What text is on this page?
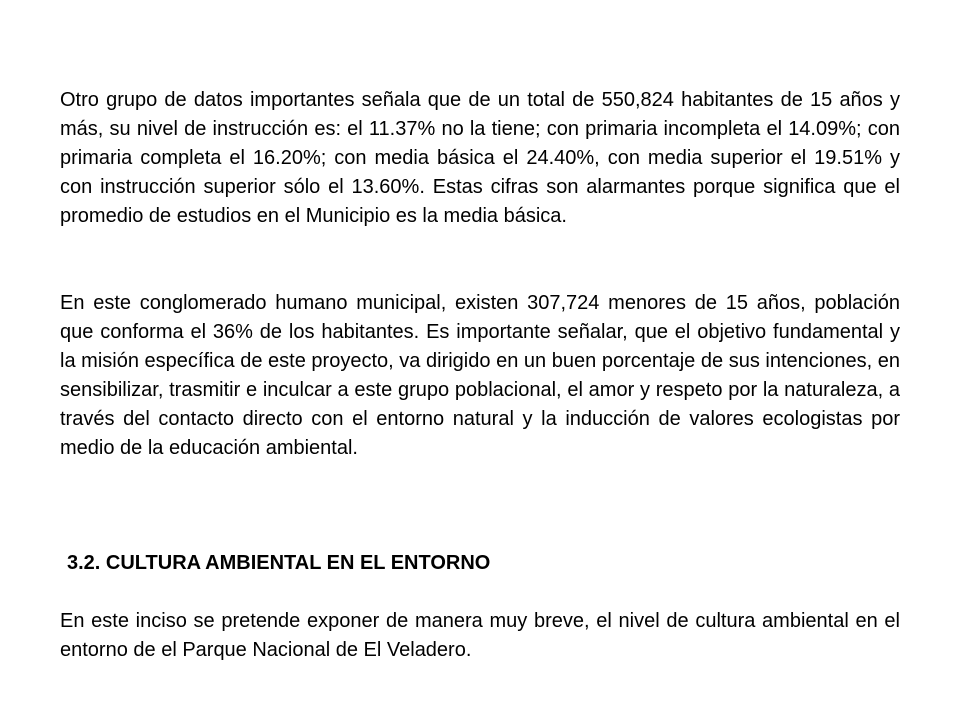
Otro grupo de datos importantes señala que de un total de 550,824 habitantes de 15 años y más, su nivel de instrucción es: el 11.37% no la tiene; con primaria incompleta el 14.09%; con primaria completa el 16.20%; con media básica el 24.40%, con media superior el 19.51% y con instrucción superior sólo el 13.60%. Estas cifras son alarmantes porque significa que el promedio de estudios en el Municipio es la media básica.

En este conglomerado humano municipal, existen 307,724 menores de 15 años, población que conforma el 36% de los habitantes. Es importante señalar, que el objetivo fundamental y la misión específica de este proyecto, va dirigido en un buen porcentaje de sus intenciones, en sensibilizar, trasmitir e inculcar a este grupo poblacional, el amor y respeto por la naturaleza, a través del contacto directo con el entorno natural y la inducción de valores ecologistas por medio de la educación ambiental.

3.2. CULTURA AMBIENTAL EN EL ENTORNO

En este inciso se pretende exponer de manera muy breve, el nivel de cultura ambiental en el entorno de el Parque Nacional de El Veladero.
